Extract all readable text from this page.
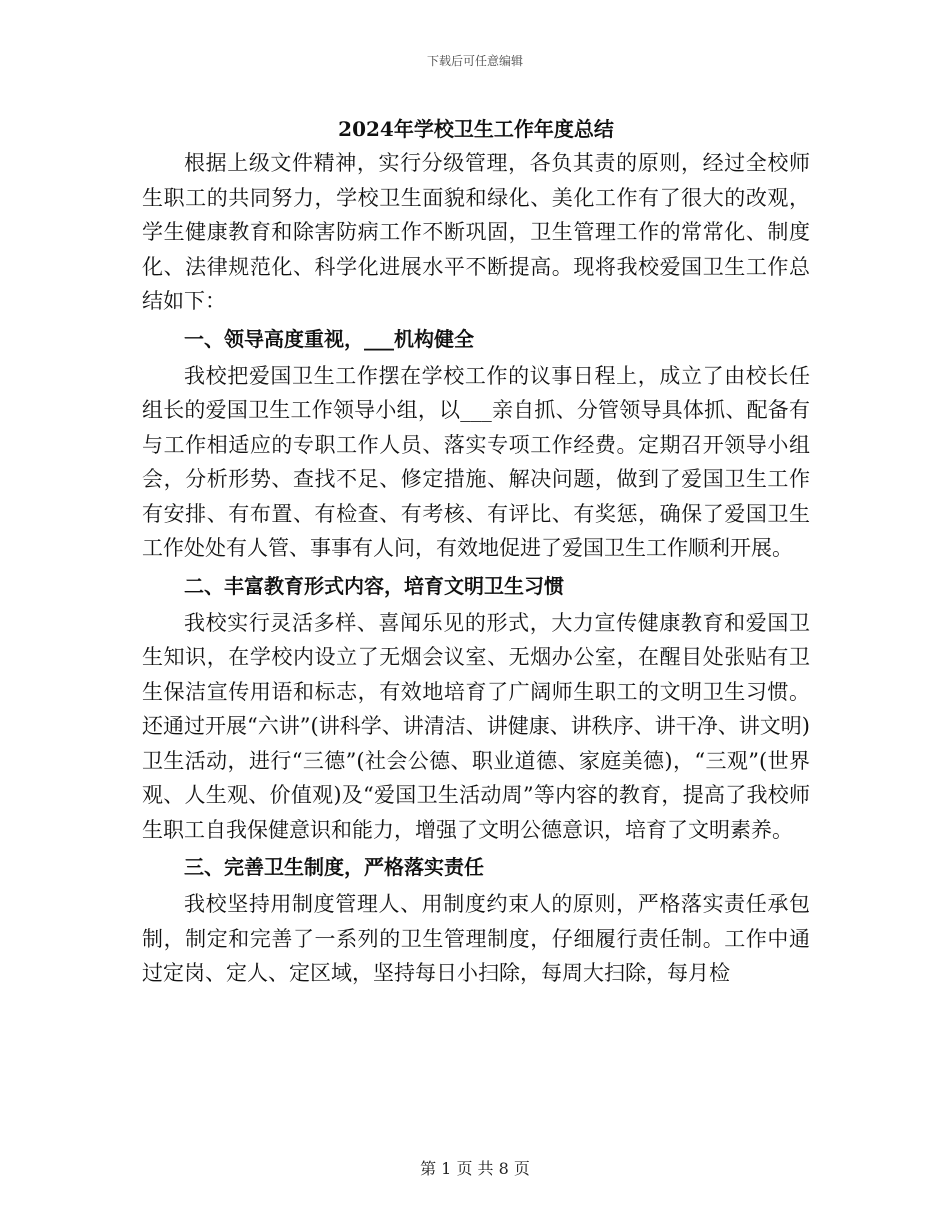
下载后可任意编辑
2024年学校卫生工作年度总结

根据上级文件精神，实行分级管理，各负其责的原则，经过全校师生职工的共同努力，学校卫生面貌和绿化、美化工作有了很大的改观，学生健康教育和除害防病工作不断巩固，卫生管理工作的常常化、制度化、法律规范化、科学化进展水平不断提高。现将我校爱国卫生工作总结如下：

一、领导高度重视，___机构健全

我校把爱国卫生工作摆在学校工作的议事日程上，成立了由校长任组长的爱国卫生工作领导小组，以___亲自抓、分管领导具体抓、配备有与工作相适应的专职工作人员、落实专项工作经费。定期召开领导小组会，分析形势、查找不足、修定措施、解决问题，做到了爱国卫生工作有安排、有布置、有检查、有考核、有评比、有奖惩，确保了爱国卫生工作处处有人管、事事有人问，有效地促进了爱国卫生工作顺利开展。

二、丰富教育形式内容，培育文明卫生习惯

我校实行灵活多样、喜闻乐见的形式，大力宣传健康教育和爱国卫生知识，在学校内设立了无烟会议室、无烟办公室，在醒目处张贴有卫生保洁宣传用语和标志，有效地培育了广阔师生职工的文明卫生习惯。还通过开展“六讲”(讲科学、讲清洁、讲健康、讲秩序、讲干净、讲文明)卫生活动，进行“三德”(社会公德、职业道德、家庭美德)，“三观”(世界观、人生观、价值观)及“爱国卫生活动周”等内容的教育，提高了我校师生职工自我保健意识和能力，增强了文明公德意识，培育了文明素养。

三、完善卫生制度，严格落实责任

我校坚持用制度管理人、用制度约束人的原则，严格落实责任承包制，制定和完善了一系列的卫生管理制度，仔细履行责任制。工作中通过定岗、定人、定区域，坚持每日小扫除，每周大扫除，每月检

第 1 页 共 8 页
